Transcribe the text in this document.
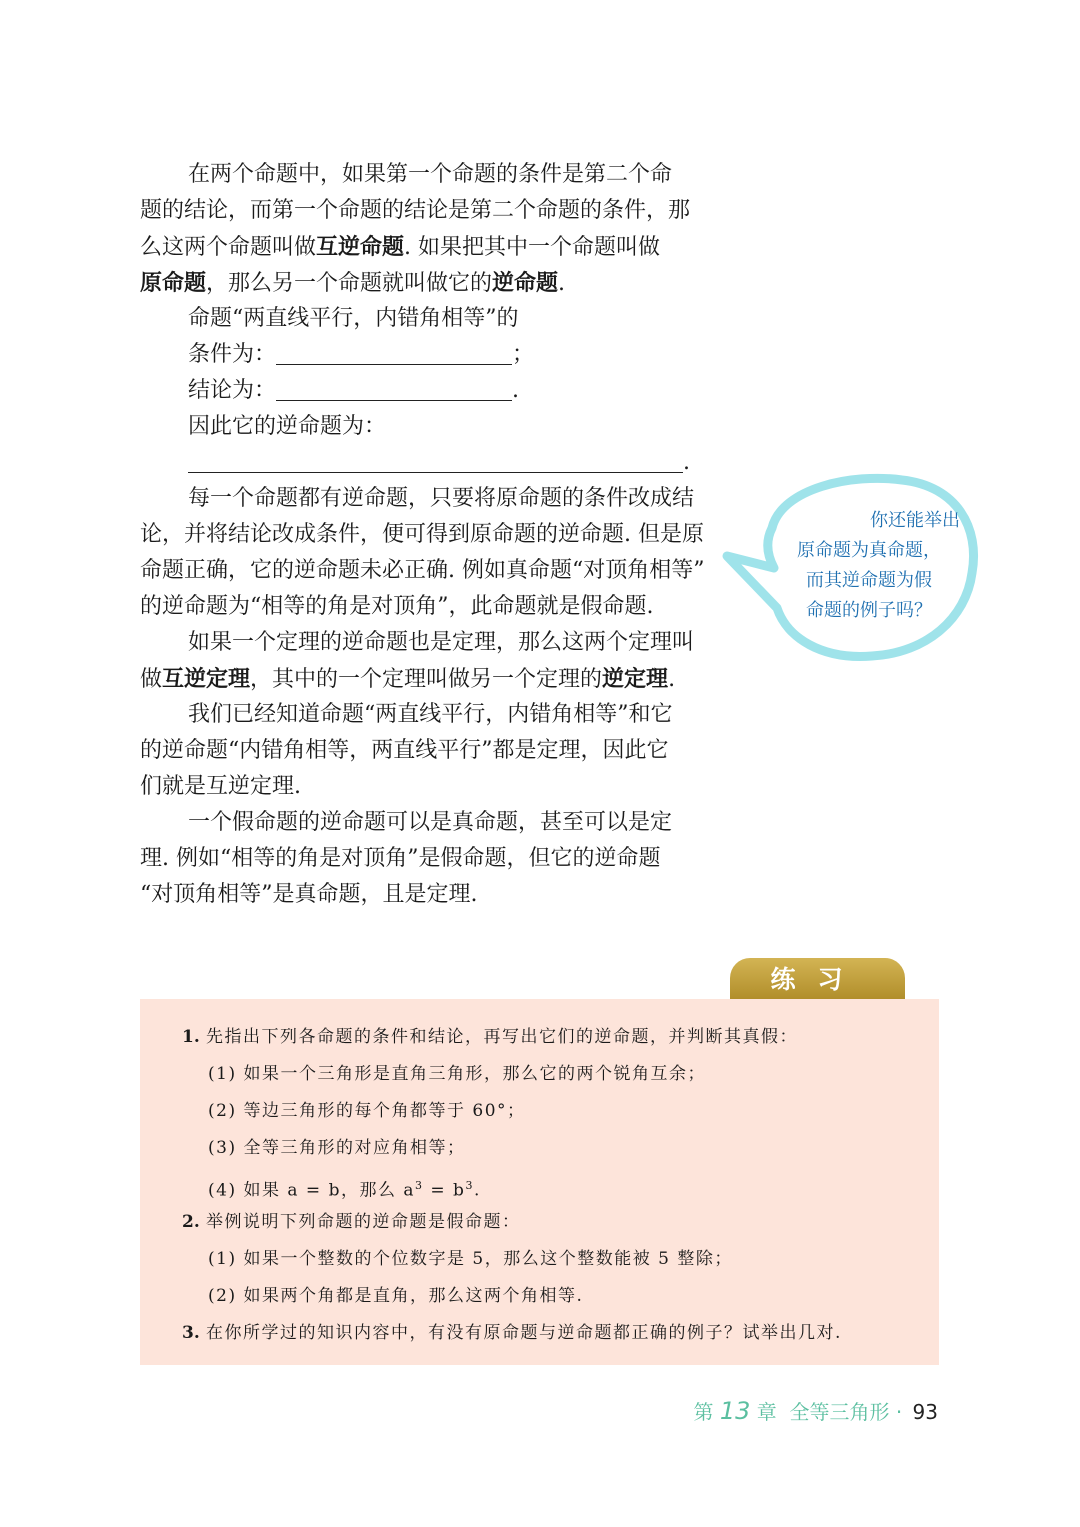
在两个命题中，如果第一个命题的条件是第二个命
题的结论，而第一个命题的结论是第二个命题的条件，那
么这两个命题叫做互逆命题. 如果把其中一个命题叫做
原命题，那么另一个命题就叫做它的逆命题.
命题“两直线平行，内错角相等”的
条件为：	；
结论为：	.
因此它的逆命题为：
.
每一个命题都有逆命题，只要将原命题的条件改成结
论，并将结论改成条件，便可得到原命题的逆命题. 但是原
命题正确，它的逆命题未必正确. 例如真命题“对顶角相等”
的逆命题为“相等的角是对顶角”，此命题就是假命题.
如果一个定理的逆命题也是定理，那么这两个定理叫
做互逆定理，其中的一个定理叫做另一个定理的逆定理.
我们已经知道命题“两直线平行，内错角相等”和它
的逆命题“内错角相等，两直线平行”都是定理，因此它
们就是互逆定理.
一个假命题的逆命题可以是真命题，甚至可以是定
理. 例如“相等的角是对顶角”是假命题，但它的逆命题
“对顶角相等”是真命题，且是定理.
你还能举出
原命题为真命题，
而其逆命题为假
命题的例子吗？
练习
1. 先指出下列各命题的条件和结论，再写出它们的逆命题，并判断其真假：
(1) 如果一个三角形是直角三角形，那么它的两个锐角互余；
(2) 等边三角形的每个角都等于 60°；
(3) 全等三角形的对应角相等；
(4) 如果 a = b，那么 $a^3 = b^3$.
2. 举例说明下列命题的逆命题是假命题：
(1) 如果一个整数的个位数字是 5，那么这个整数能被 5 整除；
(2) 如果两个角都是直角，那么这两个角相等.
3. 在你所学过的知识内容中，有没有原命题与逆命题都正确的例子？试举出几对.
第 13 章 全等三角形 · 93
